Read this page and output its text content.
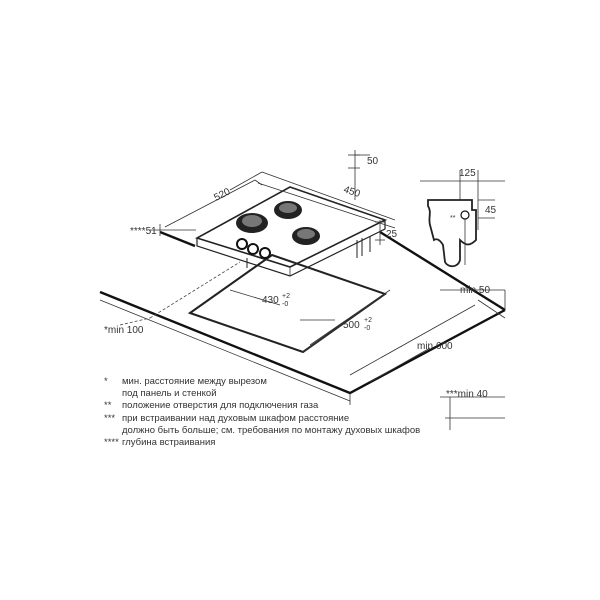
50
520	450
****51	25
430 +2
-0
500 +2
-0
*min 100
min 50
min 600
***min 40
125
45
**
*	мин. расстояние между вырезом
под панель и стенкой
**	положение отверстия для подключения газа
*** при встраивании над духовым шкафом расстояние
должно быть больше; см. требования по монтажу духовых шкафов
**** глубина встраивания
